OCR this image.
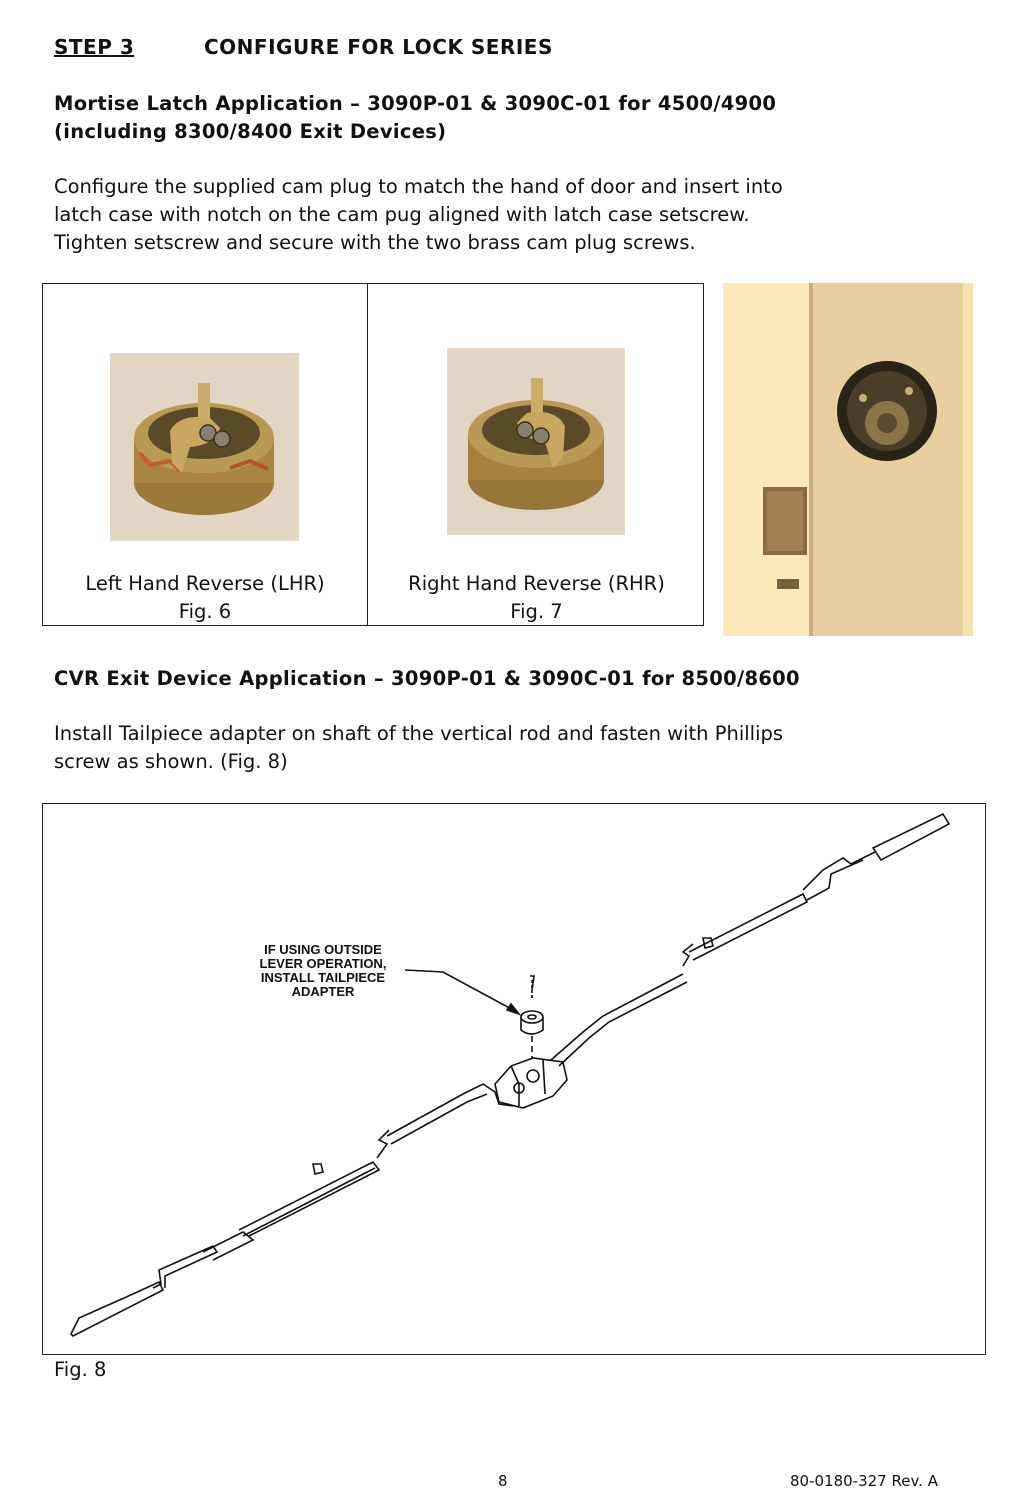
STEP 3	CONFIGURE FOR LOCK SERIES
Mortise Latch Application – 3090P-01 & 3090C-01 for 4500/4900
(including 8300/8400 Exit Devices)
Configure the supplied cam plug to match the hand of door and insert into
latch case with notch on the cam pug aligned with latch case setscrew.
Tighten setscrew and secure with the two brass cam plug screws.
Left Hand Reverse (LHR)
Fig. 6
Right Hand Reverse (RHR)
Fig. 7
CVR Exit Device Application – 3090P-01 & 3090C-01 for 8500/8600
Install Tailpiece adapter on shaft of the vertical rod and fasten with Phillips
screw as shown. (Fig. 8)
IF USING OUTSIDE
LEVER OPERATION,
INSTALL TAILPIECE
ADAPTER
Fig. 8
8	80-0180-327 Rev. A
